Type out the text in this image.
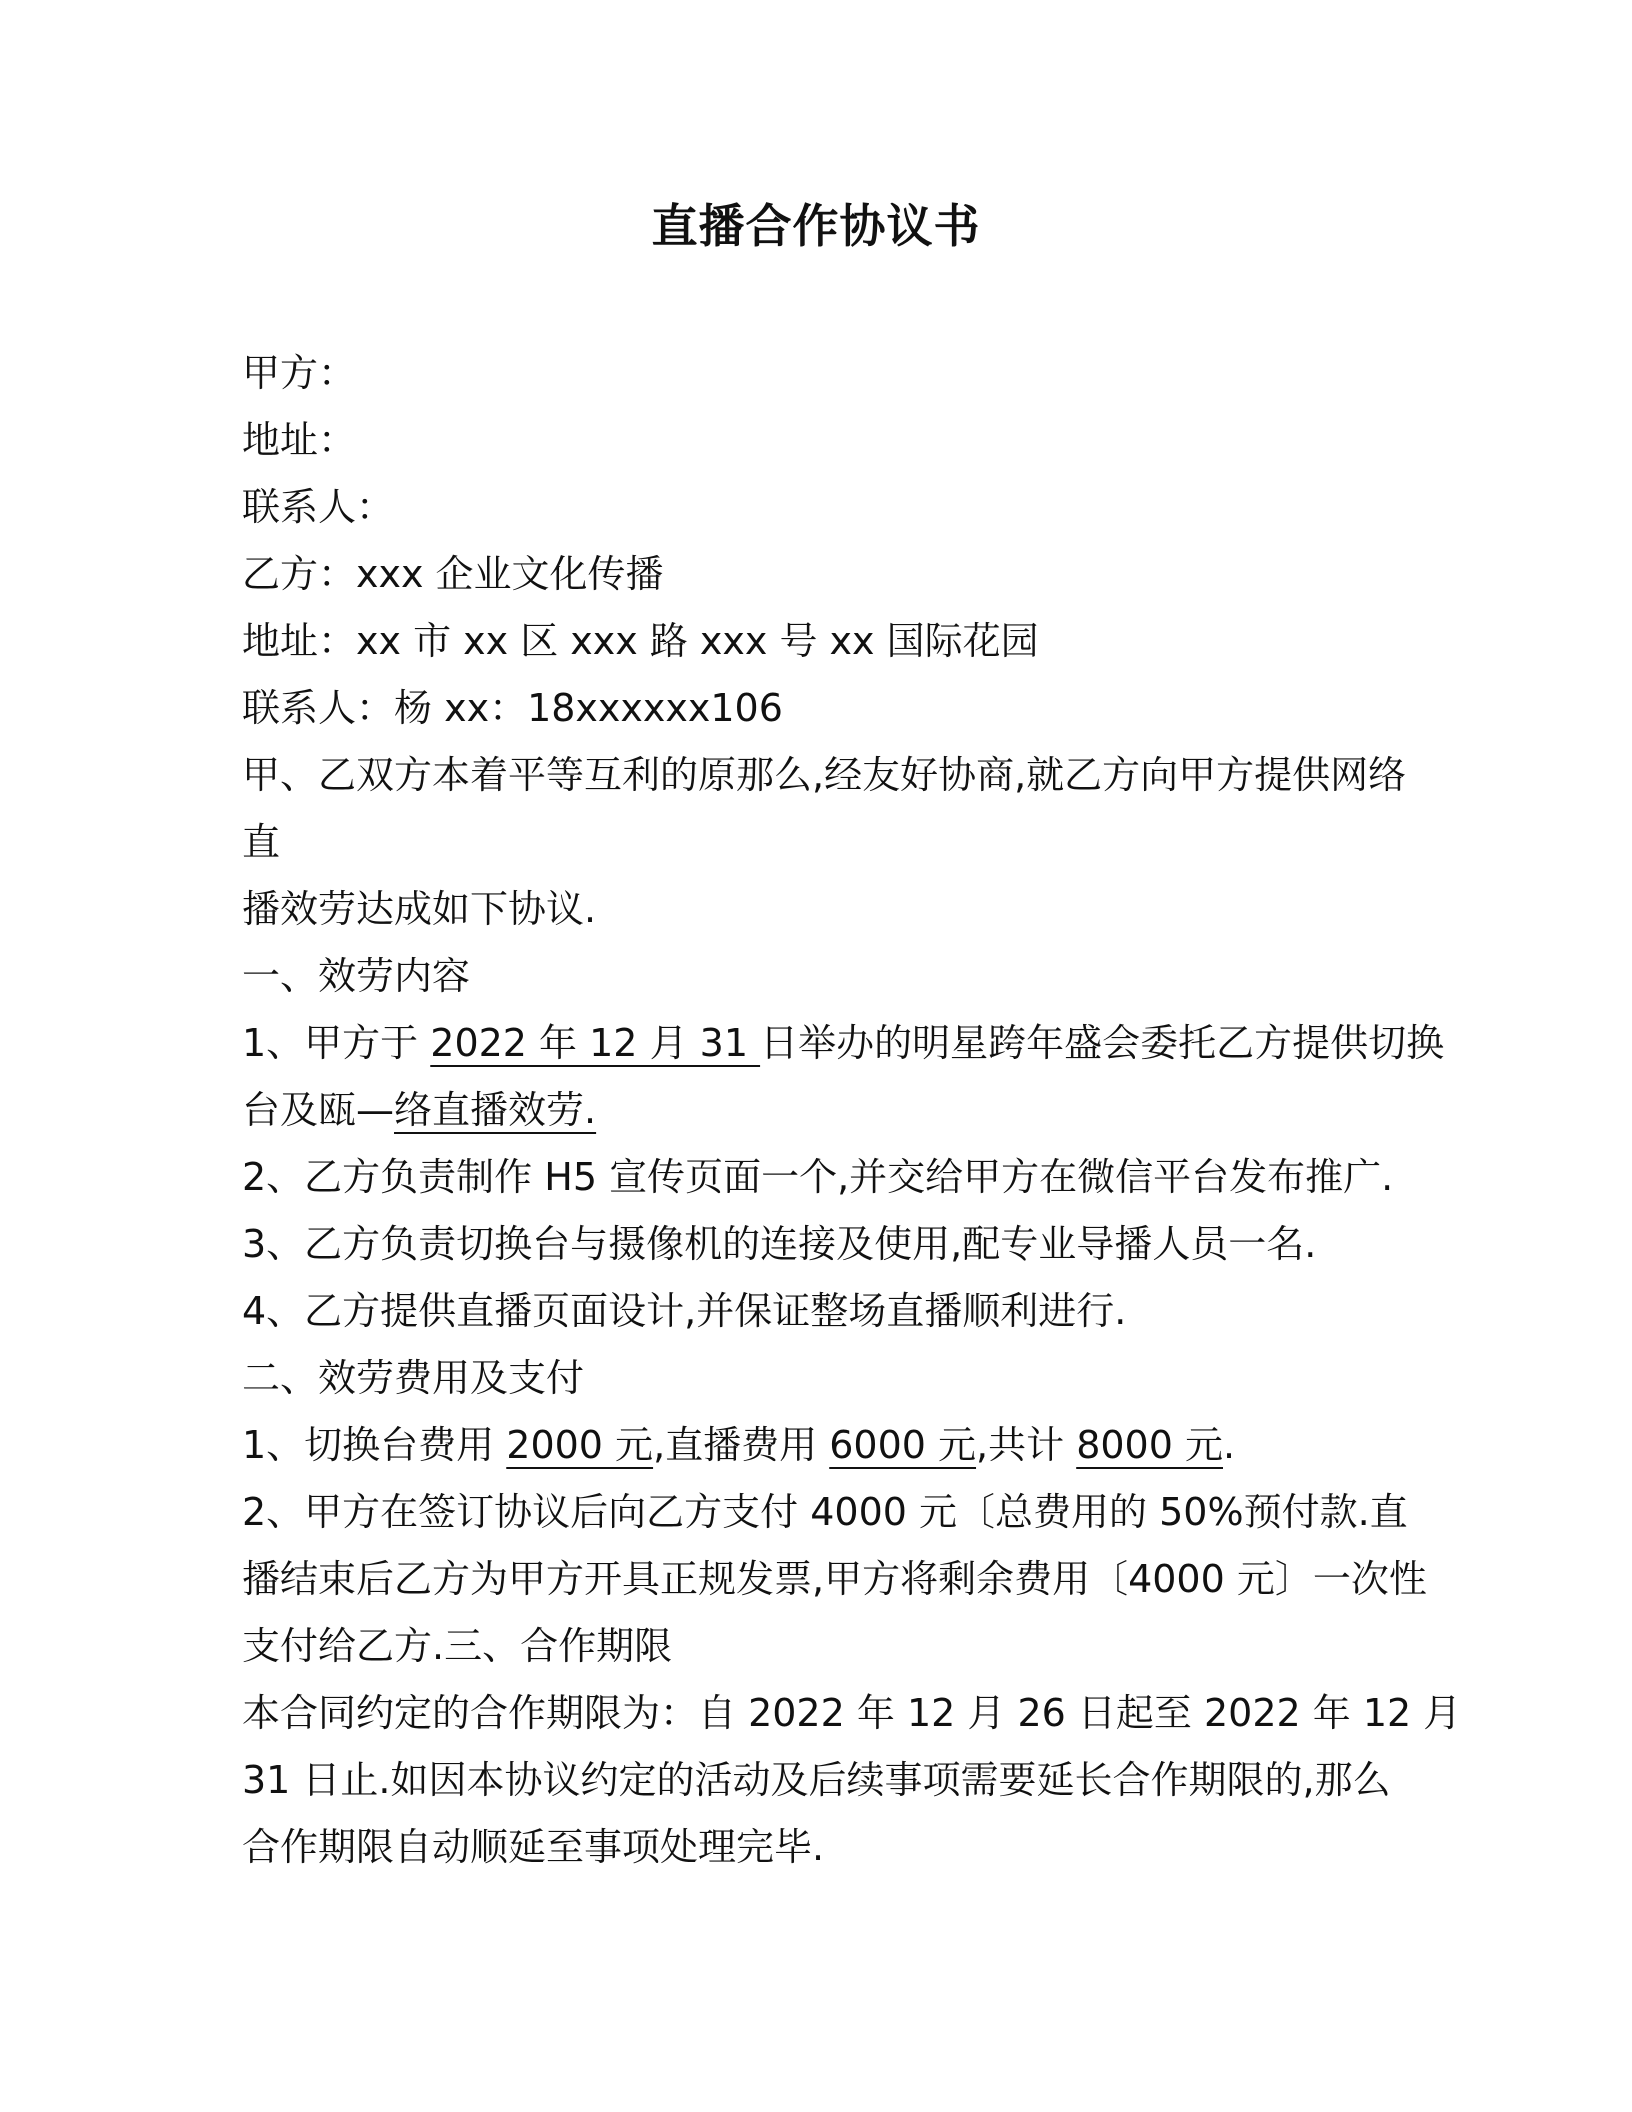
直播合作协议书
甲方：
地址：
联系人：
乙方：xxx 企业文化传播
地址：xx 市 xx 区 xxx 路 xxx 号 xx 国际花园
联系人：杨 xx：18xxxxxx106
甲、乙双方本着平等互利的原那么,经友好协商,就乙方向甲方提供网络
直
播效劳达成如下协议.
一、效劳内容
1、甲方于 2022 年 12 月 31 日举办的明星跨年盛会委托乙方提供切换
台及瓯—络直播效劳.
2、乙方负责制作 H5 宣传页面一个,并交给甲方在微信平台发布推广.
3、乙方负责切换台与摄像机的连接及使用,配专业导播人员一名.
4、乙方提供直播页面设计,并保证整场直播顺利进行.
二、效劳费用及支付
1、切换台费用 2000 元,直播费用 6000 元,共计 8000 元.
2、甲方在签订协议后向乙方支付 4000 元〔总费用的 50%预付款.直
播结束后乙方为甲方开具正规发票,甲方将剩余费用〔4000 元〕一次性
支付给乙方.三、合作期限
本合同约定的合作期限为：自 2022 年 12 月 26 日起至 2022 年 12 月
31 日止.如因本协议约定的活动及后续事项需要延长合作期限的,那么
合作期限自动顺延至事项处理完毕.
